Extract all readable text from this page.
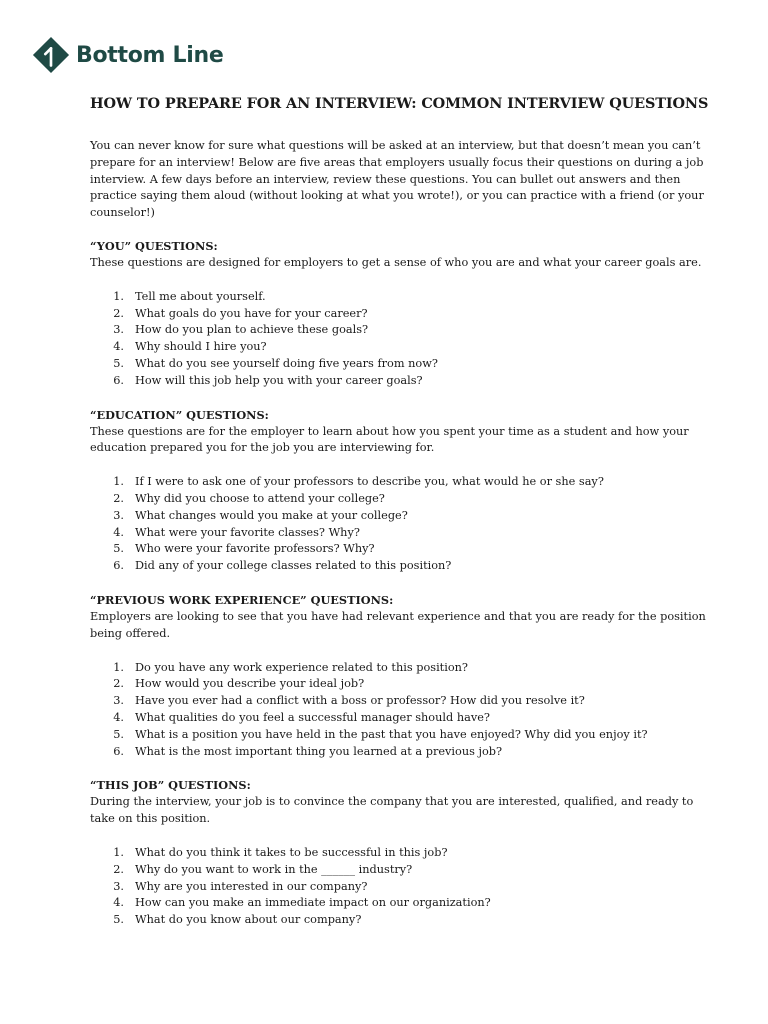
Bottom Line
HOW TO PREPARE FOR AN INTERVIEW: COMMON INTERVIEW QUESTIONS

You can never know for sure what questions will be asked at an interview, but that doesn’t mean you can’t prepare for an interview! Below are five areas that employers usually focus their questions on during a job interview. A few days before an interview, review these questions. You can bullet out answers and then practice saying them aloud (without looking at what you wrote!), or you can practice with a friend (or your counselor!)

“YOU” QUESTIONS:

These questions are designed for employers to get a sense of who you are and what your career goals are.

1. Tell me about yourself.
2. What goals do you have for your career?
3. How do you plan to achieve these goals?
4. Why should I hire you?
5. What do you see yourself doing five years from now?
6. How will this job help you with your career goals?

“EDUCATION” QUESTIONS:

These questions are for the employer to learn about how you spent your time as a student and how your education prepared you for the job you are interviewing for.

1. If I were to ask one of your professors to describe you, what would he or she say?
2. Why did you choose to attend your college?
3. What changes would you make at your college?
4. What were your favorite classes? Why?
5. Who were your favorite professors? Why?
6. Did any of your college classes related to this position?

“PREVIOUS WORK EXPERIENCE” QUESTIONS:

Employers are looking to see that you have had relevant experience and that you are ready for the position being offered.

1. Do you have any work experience related to this position?
2. How would you describe your ideal job?
3. Have you ever had a conflict with a boss or professor? How did you resolve it?
4. What qualities do you feel a successful manager should have?
5. What is a position you have held in the past that you have enjoyed? Why did you enjoy it?
6. What is the most important thing you learned at a previous job?

“THIS JOB” QUESTIONS:

During the interview, your job is to convince the company that you are interested, qualified, and ready to take on this position.

1. What do you think it takes to be successful in this job?
2. Why do you want to work in the ______ industry?
3. Why are you interested in our company?
4. How can you make an immediate impact on our organization?
5. What do you know about our company?
